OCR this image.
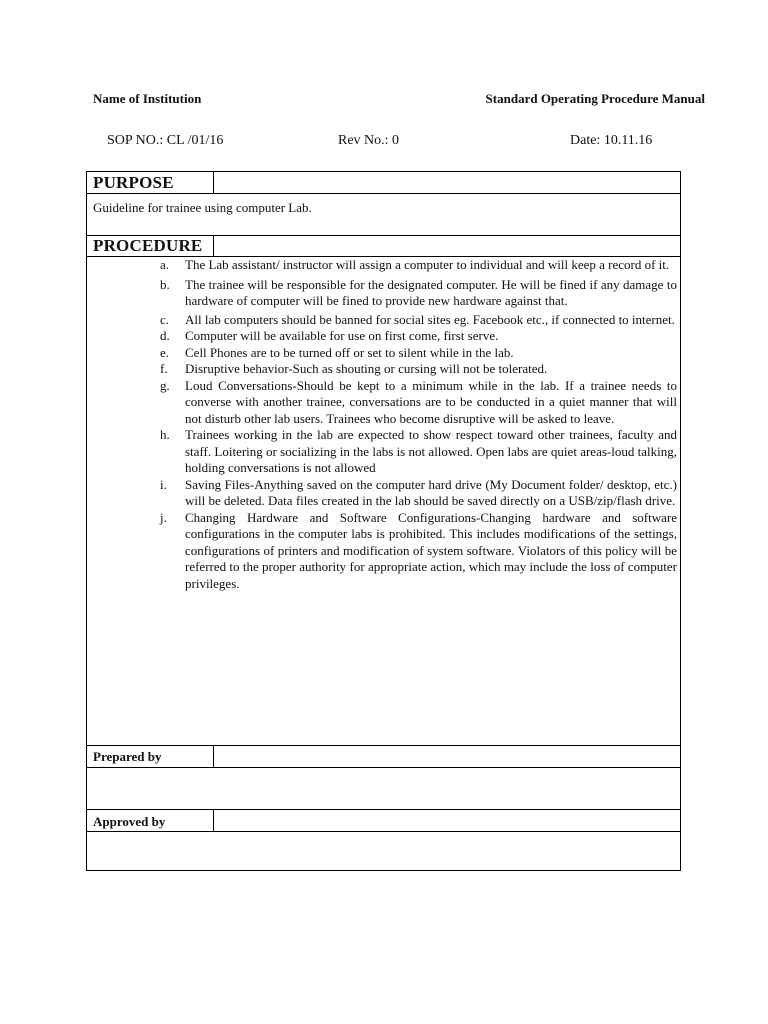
Name of Institution	Standard Operating Procedure Manual
SOP NO.: CL /01/16	Rev No.: 0	Date: 10.11.16
PURPOSE
Guideline for trainee using computer Lab.
PROCEDURE
a.	The Lab assistant/ instructor will assign a computer to individual and will keep a record of it.
b.	The trainee will be responsible for the designated computer. He will be fined if any damage to hardware of computer will be fined to provide new hardware against that.
c.	All lab computers should be banned for social sites eg. Facebook etc., if connected to internet.
d.	Computer will be available for use on first come, first serve.
e.	Cell Phones are to be turned off or set to silent while in the lab.
f.	Disruptive behavior-Such as shouting or cursing will not be tolerated.
g.	Loud Conversations-Should be kept to a minimum while in the lab. If a trainee needs to converse with another trainee, conversations are to be conducted in a quiet manner that will not disturb other lab users. Trainees who become disruptive will be asked to leave.
h.	Trainees working in the lab are expected to show respect toward other trainees, faculty and staff. Loitering or socializing in the labs is not allowed. Open labs are quiet areas-loud talking, holding conversations is not allowed
i.	Saving Files-Anything saved on the computer hard drive (My Document folder/ desktop, etc.) will be deleted. Data files created in the lab should be saved directly on a USB/zip/flash drive.
j.	Changing Hardware and Software Configurations-Changing hardware and software configurations in the computer labs is prohibited. This includes modifications of the settings, configurations of printers and modification of system software. Violators of this policy will be referred to the proper authority for appropriate action, which may include the loss of computer privileges.
Prepared by
Approved by
